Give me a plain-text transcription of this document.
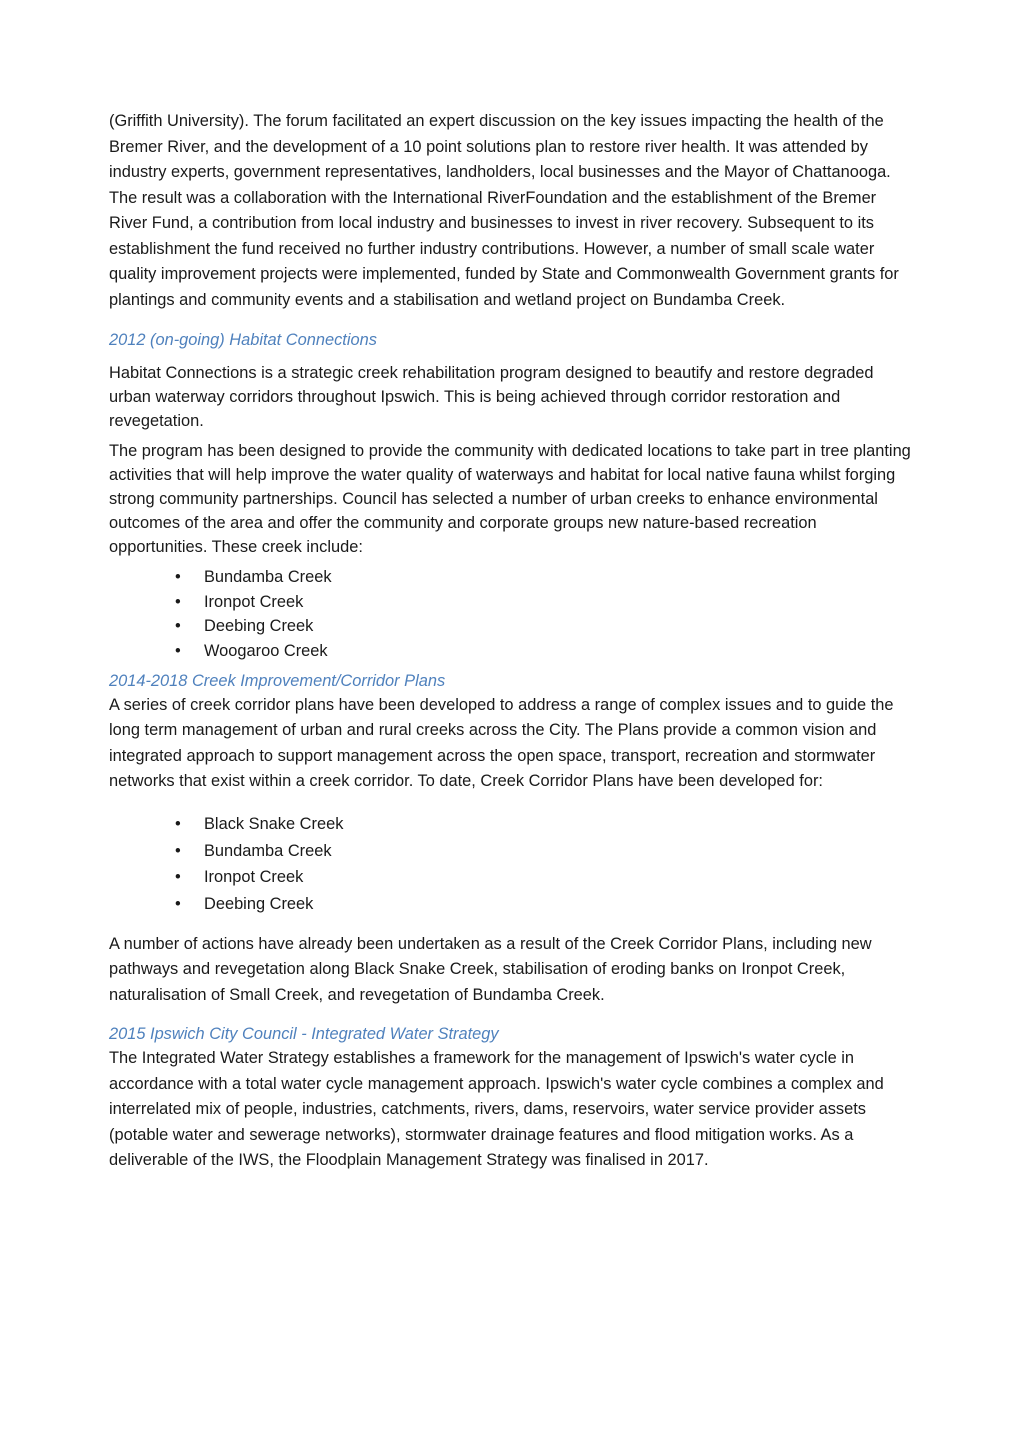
(Griffith University). The forum facilitated an expert discussion on the key issues impacting the health of the Bremer River, and the development of a 10 point solutions plan to restore river health. It was attended by industry experts, government representatives, landholders, local businesses and the Mayor of Chattanooga. The result was a collaboration with the International RiverFoundation and the establishment of the Bremer River Fund, a contribution from local industry and businesses to invest in river recovery. Subsequent to its establishment the fund received no further industry contributions. However, a number of small scale water quality improvement projects were implemented, funded by State and Commonwealth Government grants for plantings and community events and a stabilisation and wetland project on Bundamba Creek.

2012 (on-going) Habitat Connections

Habitat Connections is a strategic creek rehabilitation program designed to beautify and restore degraded urban waterway corridors throughout Ipswich. This is being achieved through corridor restoration and revegetation.

The program has been designed to provide the community with dedicated locations to take part in tree planting activities that will help improve the water quality of waterways and habitat for local native fauna whilst forging strong community partnerships. Council has selected a number of urban creeks to enhance environmental outcomes of the area and offer the community and corporate groups new nature-based recreation opportunities. These creek include:

• Bundamba Creek
• Ironpot Creek
• Deebing Creek
• Woogaroo Creek
2014-2018 Creek Improvement/Corridor Plans

A series of creek corridor plans have been developed to address a range of complex issues and to guide the long term management of urban and rural creeks across the City. The Plans provide a common vision and integrated approach to support management across the open space, transport, recreation and stormwater networks that exist within a creek corridor. To date, Creek Corridor Plans have been developed for:

• Black Snake Creek
• Bundamba Creek
• Ironpot Creek
• Deebing Creek

A number of actions have already been undertaken as a result of the Creek Corridor Plans, including new pathways and revegetation along Black Snake Creek, stabilisation of eroding banks on Ironpot Creek, naturalisation of Small Creek, and revegetation of Bundamba Creek.

2015 Ipswich City Council - Integrated Water Strategy

The Integrated Water Strategy establishes a framework for the management of Ipswich's water cycle in accordance with a total water cycle management approach. Ipswich's water cycle combines a complex and interrelated mix of people, industries, catchments, rivers, dams, reservoirs, water service provider assets (potable water and sewerage networks), stormwater drainage features and flood mitigation works. As a deliverable of the IWS, the Floodplain Management Strategy was finalised in 2017.
